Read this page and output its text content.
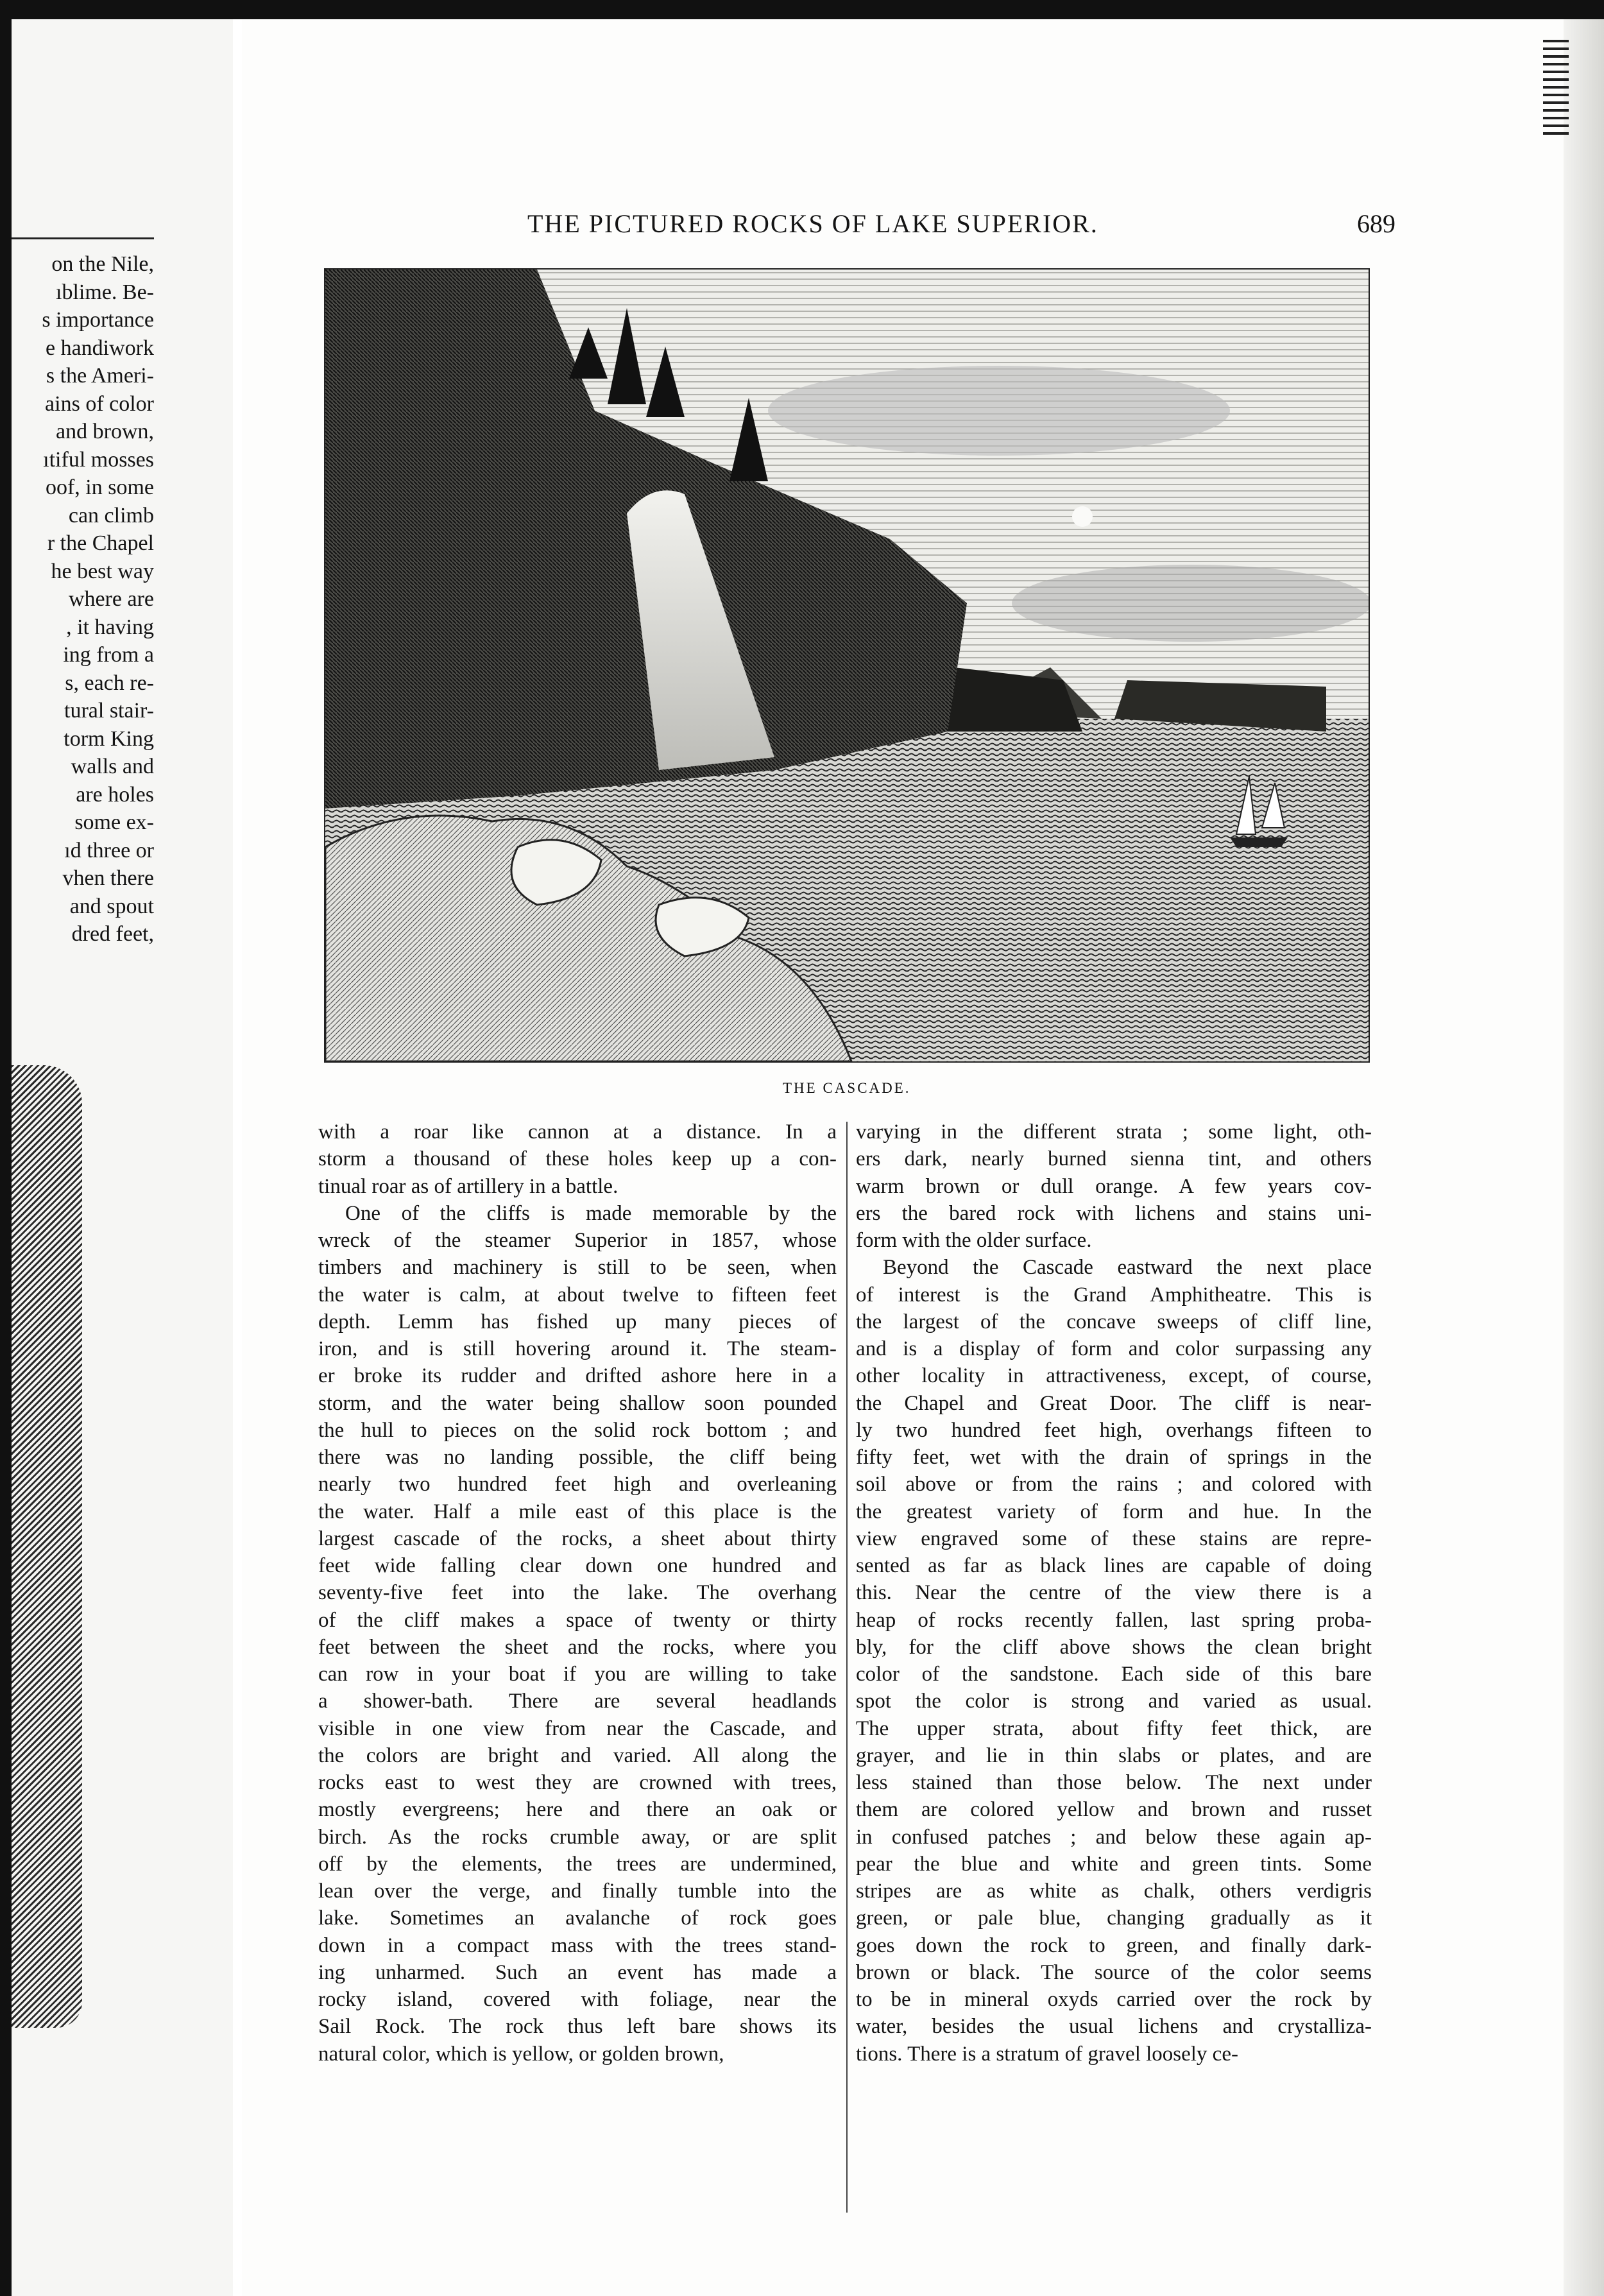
on the Nile,
ıblime. Be-
s importance
e handiwork
s the Ameri-
ains of color
and brown,
ıtiful mosses
oof, in some
can climb
r the Chapel
he best way
where are
, it having
ing from a
s, each re-
tural stair-
torm King
walls and
are holes
some ex-
ıd three or
vhen there
and spout
dred feet,
THE PICTURED ROCKS OF LAKE SUPERIOR.	689
THE CASCADE.
with a roar like cannon at a distance. In a
storm a thousand of these holes keep up a con-
tinual roar as of artillery in a battle.
One of the cliffs is made memorable by the
wreck of the steamer Superior in 1857, whose
timbers and machinery is still to be seen, when
the water is calm, at about twelve to fifteen feet
depth. Lemm has fished up many pieces of
iron, and is still hovering around it. The steam-
er broke its rudder and drifted ashore here in a
storm, and the water being shallow soon pounded
the hull to pieces on the solid rock bottom ; and
there was no landing possible, the cliff being
nearly two hundred feet high and overleaning
the water. Half a mile east of this place is the
largest cascade of the rocks, a sheet about thirty
feet wide falling clear down one hundred and
seventy-five feet into the lake. The overhang
of the cliff makes a space of twenty or thirty
feet between the sheet and the rocks, where you
can row in your boat if you are willing to take
a shower-bath. There are several headlands
visible in one view from near the Cascade, and
the colors are bright and varied. All along the
rocks east to west they are crowned with trees,
mostly evergreens; here and there an oak or
birch. As the rocks crumble away, or are split
off by the elements, the trees are undermined,
lean over the verge, and finally tumble into the
lake. Sometimes an avalanche of rock goes
down in a compact mass with the trees stand-
ing unharmed. Such an event has made a
rocky island, covered with foliage, near the
Sail Rock. The rock thus left bare shows its
natural color, which is yellow, or golden brown,
varying in the different strata ; some light, oth-
ers dark, nearly burned sienna tint, and others
warm brown or dull orange. A few years cov-
ers the bared rock with lichens and stains uni-
form with the older surface.
Beyond the Cascade eastward the next place
of interest is the Grand Amphitheatre. This is
the largest of the concave sweeps of cliff line,
and is a display of form and color surpassing any
other locality in attractiveness, except, of course,
the Chapel and Great Door. The cliff is near-
ly two hundred feet high, overhangs fifteen to
fifty feet, wet with the drain of springs in the
soil above or from the rains ; and colored with
the greatest variety of form and hue. In the
view engraved some of these stains are repre-
sented as far as black lines are capable of doing
this. Near the centre of the view there is a
heap of rocks recently fallen, last spring proba-
bly, for the cliff above shows the clean bright
color of the sandstone. Each side of this bare
spot the color is strong and varied as usual.
The upper strata, about fifty feet thick, are
grayer, and lie in thin slabs or plates, and are
less stained than those below. The next under
them are colored yellow and brown and russet
in confused patches ; and below these again ap-
pear the blue and white and green tints. Some
stripes are as white as chalk, others verdigris
green, or pale blue, changing gradually as it
goes down the rock to green, and finally dark-
brown or black. The source of the color seems
to be in mineral oxyds carried over the rock by
water, besides the usual lichens and crystalliza-
tions. There is a stratum of gravel loosely ce-
